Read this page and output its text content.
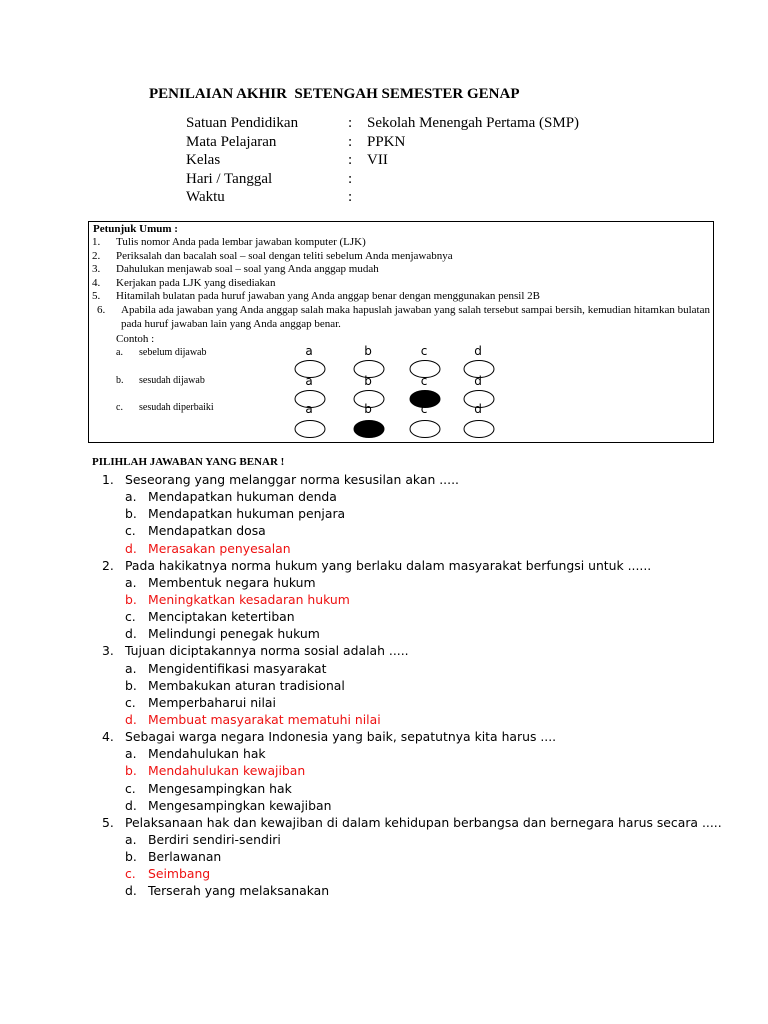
PENILAIAN AKHIR  SETENGAH SEMESTER GENAP
Satuan Pendidikan	: Sekolah Menengah Pertama (SMP)
Mata Pelajaran	: PPKN
Kelas	: VII
Hari / Tanggal	:
Waktu	:
Petunjuk Umum :
1.	Tulis nomor Anda pada lembar jawaban komputer (LJK)
2.	Periksalah dan bacalah soal – soal dengan teliti sebelum Anda menjawabnya
3.	Dahulukan menjawab soal – soal yang Anda anggap mudah
4.	Kerjakan pada LJK yang disediakan
5.	Hitamilah bulatan pada huruf jawaban yang Anda anggap benar dengan menggunakan pensil 2B
6.	Apabila ada jawaban yang Anda anggap salah maka hapuslah jawaban yang salah tersebut sampai bersih, kemudian hitamkan bulatan pada huruf jawaban lain yang Anda anggap benar.
Contoh :
a. sebelum dijawab
b. sesudah dijawab
c. sesudah diperbaiki
a	b	c	d
a	b	c	d
a	b	c	d
PILIHLAH JAWABAN YANG BENAR !
1. Seseorang yang melanggar norma kesusilan akan .....
a. Mendapatkan hukuman denda
b. Mendapatkan hukuman penjara
c. Mendapatkan dosa
d. Merasakan penyesalan
2. Pada hakikatnya norma hukum yang berlaku dalam masyarakat berfungsi untuk ......
a. Membentuk negara hukum
b. Meningkatkan kesadaran hukum
c. Menciptakan ketertiban
d. Melindungi penegak hukum
3. Tujuan diciptakannya norma sosial adalah .....
a. Mengidentifikasi masyarakat
b. Membakukan aturan tradisional
c. Memperbaharui nilai
d. Membuat masyarakat mematuhi nilai
4. Sebagai warga negara Indonesia yang baik, sepatutnya kita harus ....
a. Mendahulukan hak
b. Mendahulukan kewajiban
c. Mengesampingkan hak
d. Mengesampingkan kewajiban
5. Pelaksanaan hak dan kewajiban di dalam kehidupan berbangsa dan bernegara harus secara .....
a. Berdiri sendiri-sendiri
b. Berlawanan
c. Seimbang
d. Terserah yang melaksanakan
